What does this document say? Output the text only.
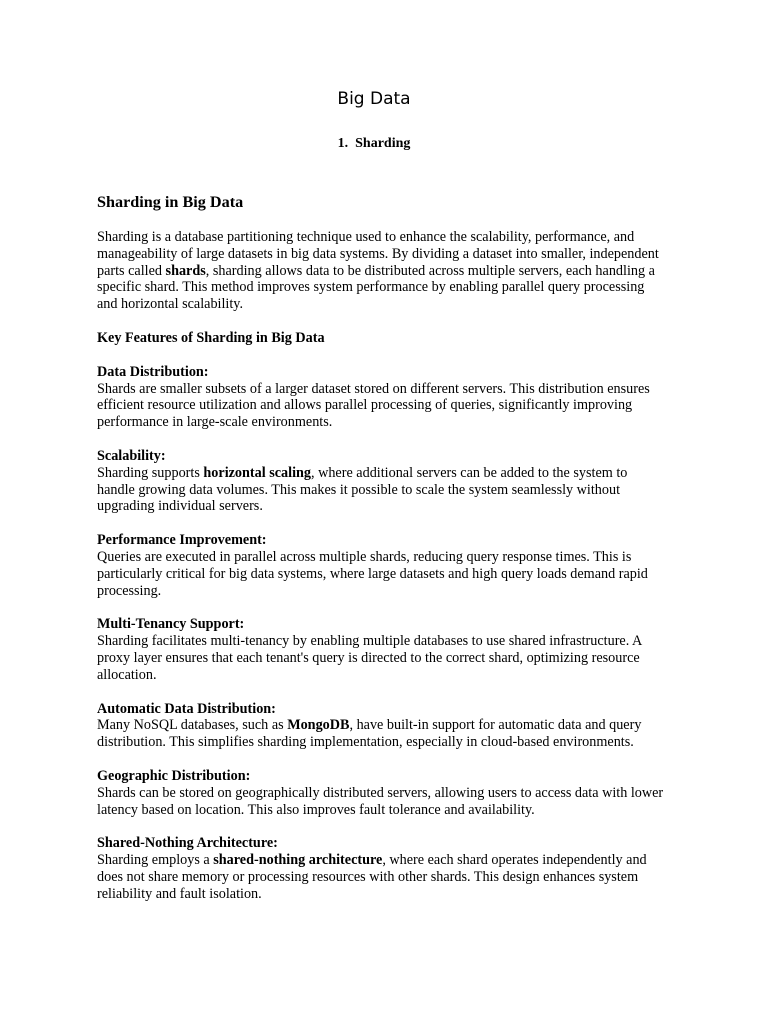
Big Data
1. Sharding
Sharding in Big Data

Sharding is a database partitioning technique used to enhance the scalability, performance, and manageability of large datasets in big data systems. By dividing a dataset into smaller, independent parts called shards, sharding allows data to be distributed across multiple servers, each handling a specific shard. This method improves system performance by enabling parallel query processing and horizontal scalability.

Key Features of Sharding in Big Data

Data Distribution:

Shards are smaller subsets of a larger dataset stored on different servers. This distribution ensures efficient resource utilization and allows parallel processing of queries, significantly improving performance in large-scale environments.

Scalability:

Sharding supports horizontal scaling, where additional servers can be added to the system to handle growing data volumes. This makes it possible to scale the system seamlessly without upgrading individual servers.

Performance Improvement:

Queries are executed in parallel across multiple shards, reducing query response times. This is particularly critical for big data systems, where large datasets and high query loads demand rapid processing.

Multi-Tenancy Support:

Sharding facilitates multi-tenancy by enabling multiple databases to use shared infrastructure. A proxy layer ensures that each tenant's query is directed to the correct shard, optimizing resource allocation.

Automatic Data Distribution:

Many NoSQL databases, such as MongoDB, have built-in support for automatic data and query distribution. This simplifies sharding implementation, especially in cloud-based environments.

Geographic Distribution:

Shards can be stored on geographically distributed servers, allowing users to access data with lower latency based on location. This also improves fault tolerance and availability.

Shared-Nothing Architecture:

Sharding employs a shared-nothing architecture, where each shard operates independently and does not share memory or processing resources with other shards. This design enhances system reliability and fault isolation.
